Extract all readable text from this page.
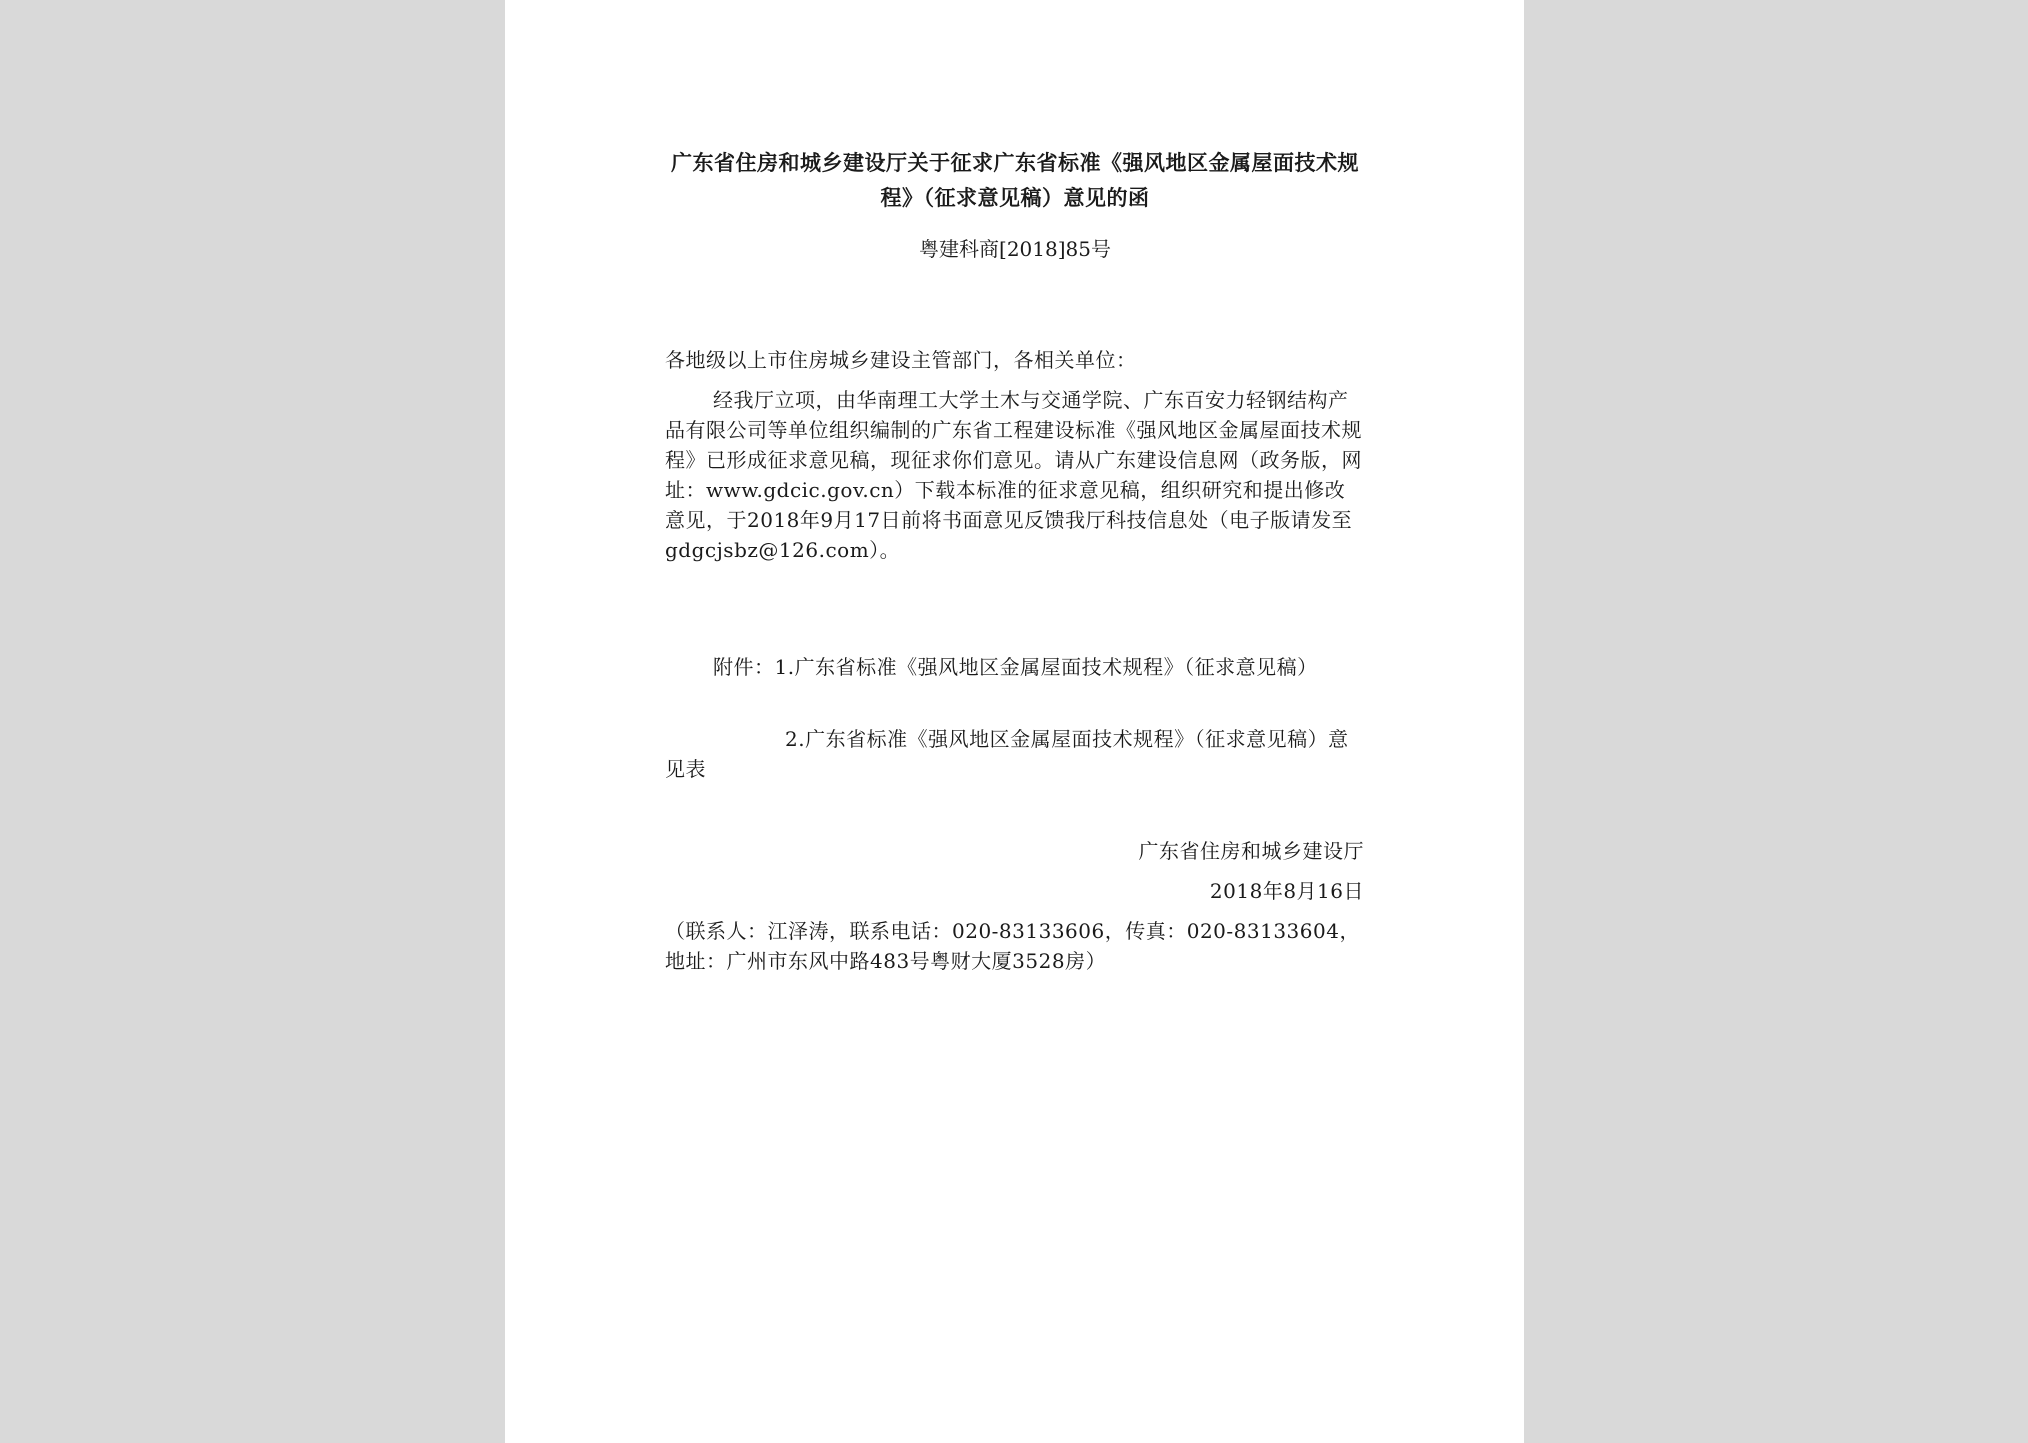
广东省住房和城乡建设厅关于征求广东省标准《强风地区金属屋面技术规程》（征求意见稿）意见的函
粤建科商[2018]85号

各地级以上市住房城乡建设主管部门，各相关单位：

经我厅立项，由华南理工大学土木与交通学院、广东百安力轻钢结构产品有限公司等单位组织编制的广东省工程建设标准《强风地区金属屋面技术规程》已形成征求意见稿，现征求你们意见。请从广东建设信息网（政务版，网址：www.gdcic.gov.cn）下载本标准的征求意见稿，组织研究和提出修改意见，于2018年9月17日前将书面意见反馈我厅科技信息处（电子版请发至gdgcjsbz@126.com）。

附件：1.广东省标准《强风地区金属屋面技术规程》（征求意见稿）

2.广东省标准《强风地区金属屋面技术规程》（征求意见稿）意见表

广东省住房和城乡建设厅
2018年8月16日

（联系人：江泽涛，联系电话：020-83133606，传真：020-83133604，地址：广州市东风中路483号粤财大厦3528房）
